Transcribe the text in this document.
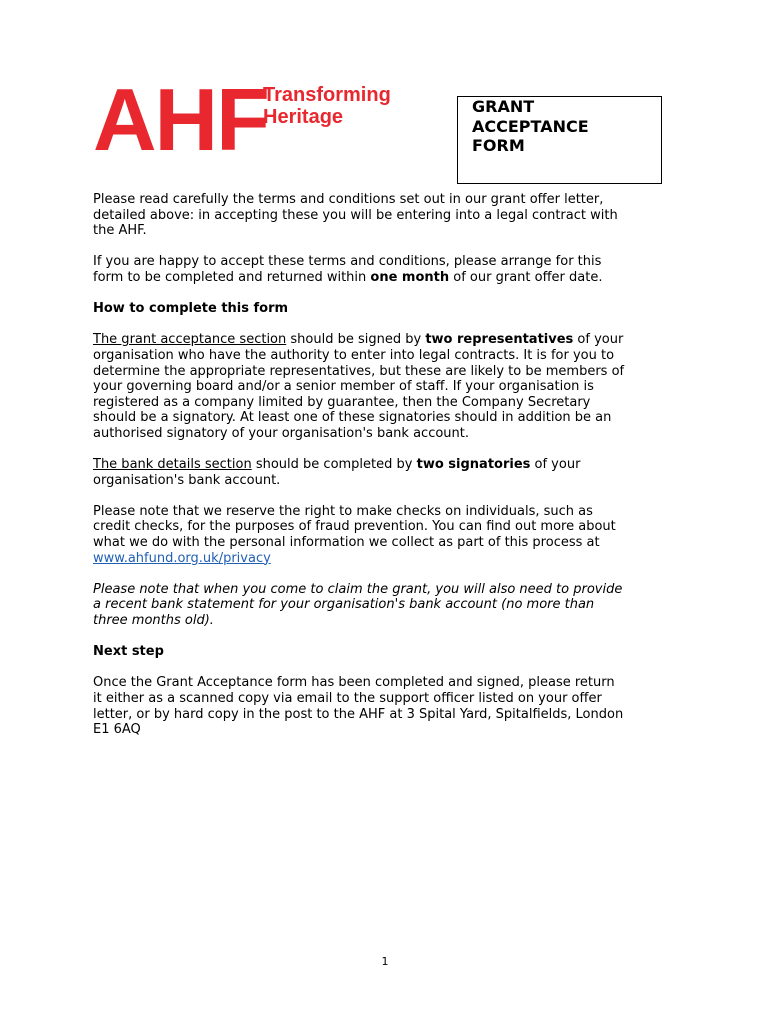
AHF
Transforming
Heritage	GRANT
ACCEPTANCE
FORM

Please read carefully the terms and conditions set out in our grant offer letter,
detailed above: in accepting these you will be entering into a legal contract with
the AHF.

If you are happy to accept these terms and conditions, please arrange for this
form to be completed and returned within one month of our grant offer date.

How to complete this form

The grant acceptance section should be signed by two representatives of your
organisation who have the authority to enter into legal contracts. It is for you to
determine the appropriate representatives, but these are likely to be members of
your governing board and/or a senior member of staff. If your organisation is
registered as a company limited by guarantee, then the Company Secretary
should be a signatory. At least one of these signatories should in addition be an
authorised signatory of your organisation's bank account.

The bank details section should be completed by two signatories of your
organisation's bank account.

Please note that we reserve the right to make checks on individuals, such as
credit checks, for the purposes of fraud prevention. You can find out more about
what we do with the personal information we collect as part of this process at
www.ahfund.org.uk/privacy

Please note that when you come to claim the grant, you will also need to provide
a recent bank statement for your organisation's bank account (no more than
three months old).

Next step

Once the Grant Acceptance form has been completed and signed, please return
it either as a scanned copy via email to the support officer listed on your offer
letter, or by hard copy in the post to the AHF at 3 Spital Yard, Spitalfields, London
E1 6AQ

1
